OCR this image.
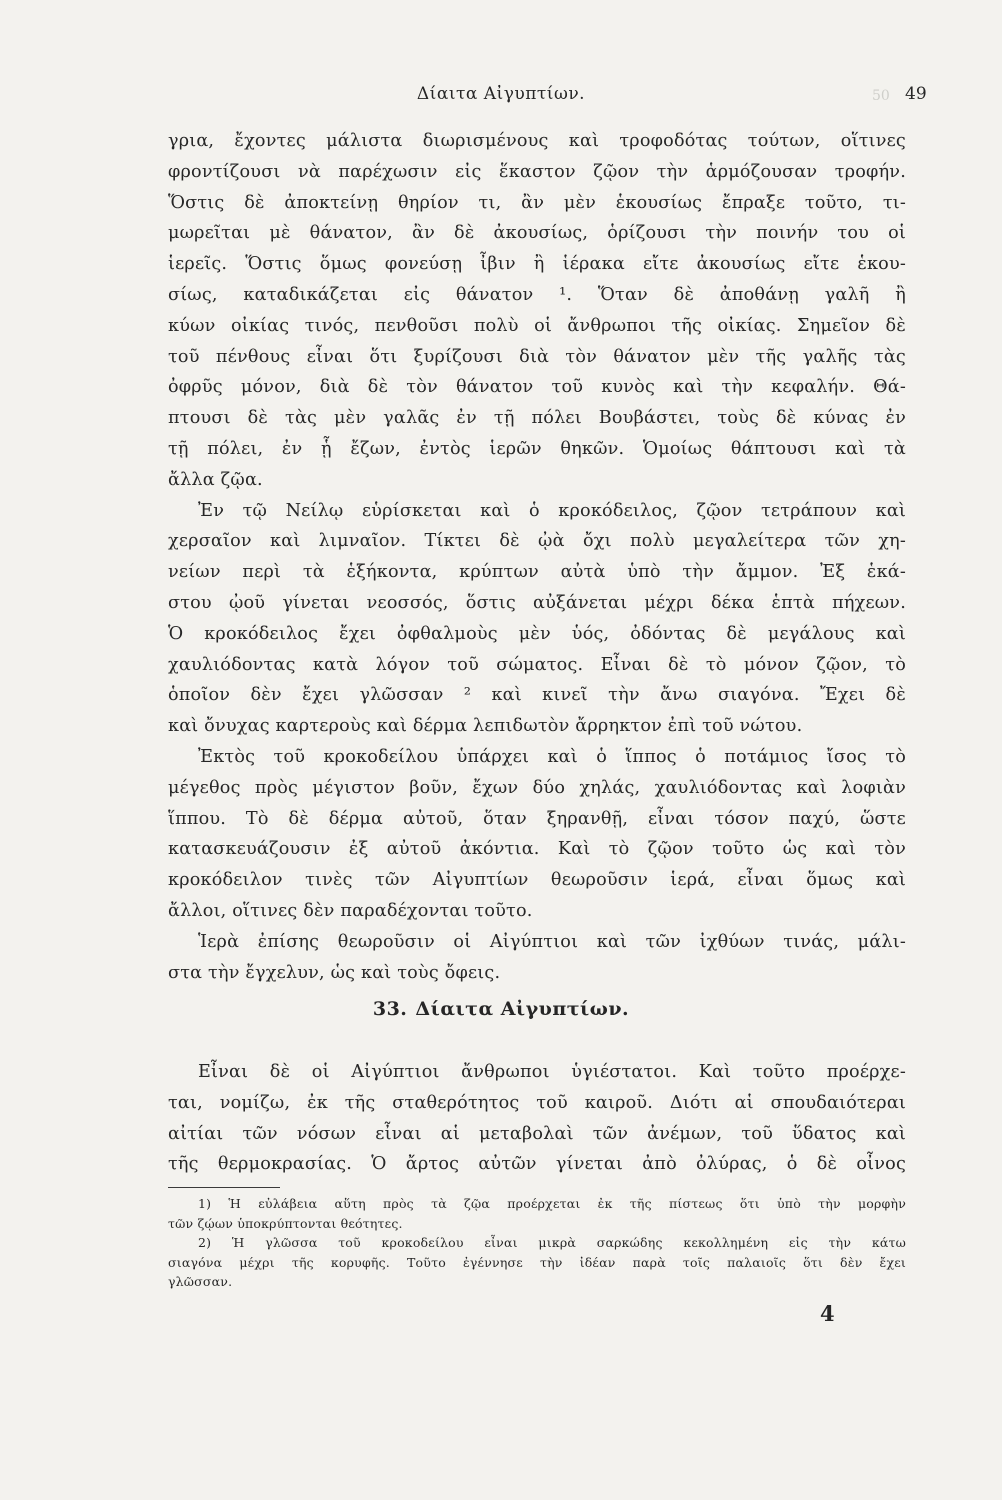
Δίαιτα Αἰγυπτίων.	50 49
γρια, ἔχοντες μάλιστα διωρισμένους καὶ τροφοδότας τούτων, οἵτινες
φροντίζουσι νὰ παρέχωσιν εἰς ἕκαστον ζῷον τὴν ἁρμόζουσαν τροφήν.
Ὅστις δὲ ἀποκτείνῃ θηρίον τι, ἂν μὲν ἑκουσίως ἔπραξε τοῦτο, τι-
μωρεῖται μὲ θάνατον, ἂν δὲ ἀκουσίως, ὁρίζουσι τὴν ποινήν του οἱ
ἱερεῖς. Ὅστις ὅμως φονεύσῃ ἶβιν ἢ ἱέρακα εἴτε ἀκουσίως εἴτε ἑκου-
σίως, καταδικάζεται εἰς θάνατον ¹. Ὅταν δὲ ἀποθάνῃ γαλῆ ἢ
κύων οἰκίας τινός, πενθοῦσι πολὺ οἱ ἄνθρωποι τῆς οἰκίας. Σημεῖον δὲ
τοῦ πένθους εἶναι ὅτι ξυρίζουσι διὰ τὸν θάνατον μὲν τῆς γαλῆς τὰς
ὀφρῦς μόνον, διὰ δὲ τὸν θάνατον τοῦ κυνὸς καὶ τὴν κεφαλήν. Θά-
πτουσι δὲ τὰς μὲν γαλᾶς ἐν τῇ πόλει Βουβάστει, τοὺς δὲ κύνας ἐν
τῇ πόλει, ἐν ᾗ ἔζων, ἐντὸς ἱερῶν θηκῶν. Ὁμοίως θάπτουσι καὶ τὰ
ἄλλα ζῷα.
Ἐν τῷ Νείλῳ εὑρίσκεται καὶ ὁ κροκόδειλος, ζῷον τετράπουν καὶ
χερσαῖον καὶ λιμναῖον. Τίκτει δὲ ᾠὰ ὄχι πολὺ μεγαλείτερα τῶν χη-
νείων περὶ τὰ ἑξήκοντα, κρύπτων αὐτὰ ὑπὸ τὴν ἄμμον. Ἐξ ἑκά-
στου ᾠοῦ γίνεται νεοσσός, ὅστις αὐξάνεται μέχρι δέκα ἑπτὰ πήχεων.
Ὁ κροκόδειλος ἔχει ὀφθαλμοὺς μὲν ὑός, ὀδόντας δὲ μεγάλους καὶ
χαυλιόδοντας κατὰ λόγον τοῦ σώματος. Εἶναι δὲ τὸ μόνον ζῷον, τὸ
ὁποῖον δὲν ἔχει γλῶσσαν ² καὶ κινεῖ τὴν ἄνω σιαγόνα. Ἔχει δὲ
καὶ ὄνυχας καρτεροὺς καὶ δέρμα λεπιδωτὸν ἄρρηκτον ἐπὶ τοῦ νώτου.
Ἐκτὸς τοῦ κροκοδείλου ὑπάρχει καὶ ὁ ἵππος ὁ ποτάμιος ἴσος τὸ
μέγεθος πρὸς μέγιστον βοῦν, ἔχων δύο χηλάς, χαυλιόδοντας καὶ λοφιὰν
ἵππου. Τὸ δὲ δέρμα αὐτοῦ, ὅταν ξηρανθῇ, εἶναι τόσον παχύ, ὥστε
κατασκευάζουσιν ἐξ αὐτοῦ ἀκόντια. Καὶ τὸ ζῷον τοῦτο ὡς καὶ τὸν
κροκόδειλον τινὲς τῶν Αἰγυπτίων θεωροῦσιν ἱερά, εἶναι ὅμως καὶ
ἄλλοι, οἵτινες δὲν παραδέχονται τοῦτο.
Ἱερὰ ἐπίσης θεωροῦσιν οἱ Αἰγύπτιοι καὶ τῶν ἰχθύων τινάς, μάλι-
στα τὴν ἔγχελυν, ὡς καὶ τοὺς ὄφεις.
33. Δίαιτα Αἰγυπτίων.
Εἶναι δὲ οἱ Αἰγύπτιοι ἄνθρωποι ὑγιέστατοι. Καὶ τοῦτο προέρχε-
ται, νομίζω, ἐκ τῆς σταθερότητος τοῦ καιροῦ. Διότι αἱ σπουδαιότεραι
αἰτίαι τῶν νόσων εἶναι αἱ μεταβολαὶ τῶν ἀνέμων, τοῦ ὕδατος καὶ
τῆς θερμοκρασίας. Ὁ ἄρτος αὐτῶν γίνεται ἀπὸ ὀλύρας, ὁ δὲ οἶνος
1) Ἡ εὐλάβεια αὕτη πρὸς τὰ ζῷα προέρχεται ἐκ τῆς πίστεως ὅτι ὑπὸ τὴν μορφὴν
τῶν ζῴων ὑποκρύπτονται θεότητες.
2) Ἡ γλῶσσα τοῦ κροκοδείλου εἶναι μικρὰ σαρκώδης κεκολλημένη εἰς τὴν κάτω
σιαγόνα μέχρι τῆς κορυφῆς. Τοῦτο ἐγέννησε τὴν ἰδέαν παρὰ τοῖς παλαιοῖς ὅτι δὲν ἔχει
γλῶσσαν.
4
